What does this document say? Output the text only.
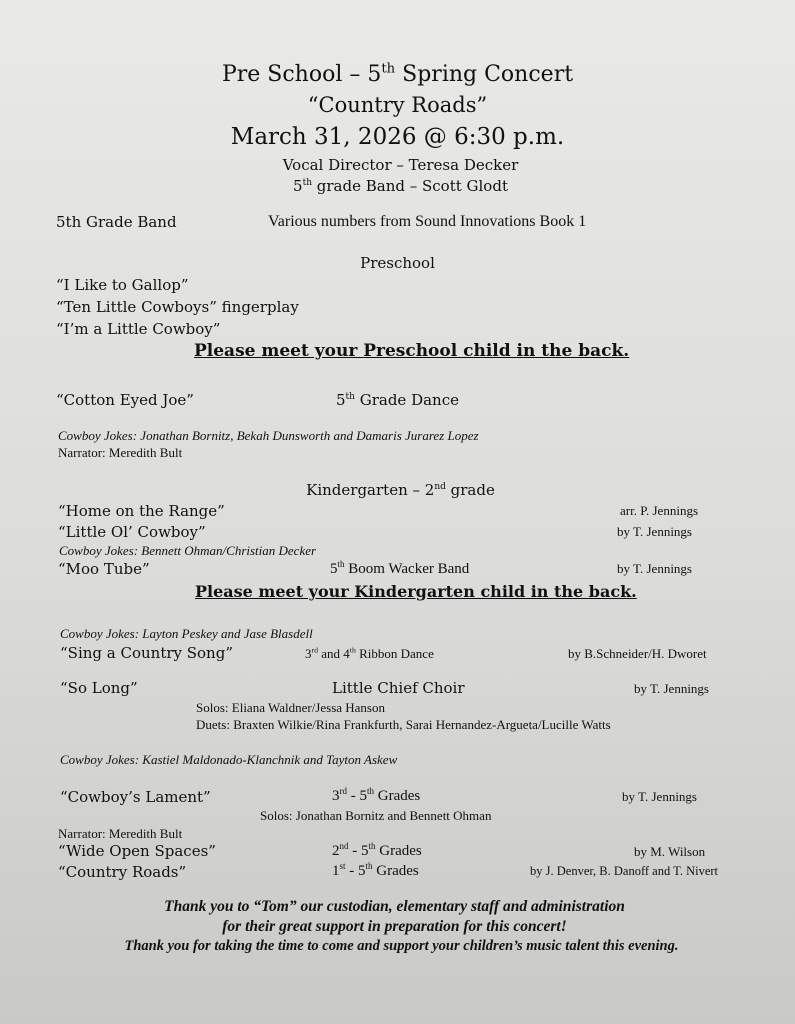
Pre School – 5th Spring Concert
“Country Roads”
March 31, 2026 @ 6:30 p.m.
Vocal Director – Teresa Decker
5th grade Band – Scott Glodt
5th Grade Band	Various numbers from Sound Innovations Book 1
Preschool
“I Like to Gallop”
“Ten Little Cowboys” fingerplay
“I’m a Little Cowboy”
Please meet your Preschool child in the back.
“Cotton Eyed Joe”	5th Grade Dance
Cowboy Jokes: Jonathan Bornitz, Bekah Dunsworth and Damaris Jurarez Lopez
Narrator: Meredith Bult
Kindergarten – 2nd grade
“Home on the Range”	arr. P. Jennings
“Little Ol’ Cowboy”	by T. Jennings
Cowboy Jokes: Bennett Ohman/Christian Decker
“Moo Tube”	5th Boom Wacker Band	by T. Jennings
Please meet your Kindergarten child in the back.
Cowboy Jokes: Layton Peskey and Jase Blasdell
“Sing a Country Song”	3rd and 4th Ribbon Dance	by B.Schneider/H. Dworet
“So Long”	Little Chief Choir	by T. Jennings
Solos: Eliana Waldner/Jessa Hanson
Duets: Braxten Wilkie/Rina Frankfurth, Sarai Hernandez-Argueta/Lucille Watts
Cowboy Jokes: Kastiel Maldonado-Klanchnik and Tayton Askew
“Cowboy’s Lament”	3rd - 5th Grades	by T. Jennings
Solos: Jonathan Bornitz and Bennett Ohman
Narrator: Meredith Bult
“Wide Open Spaces”	2nd - 5th Grades	by M. Wilson
“Country Roads”	1st - 5th Grades	by J. Denver, B. Danoff and T. Nivert
Thank you to “Tom” our custodian, elementary staff and administration
for their great support in preparation for this concert!
Thank you for taking the time to come and support your children’s music talent this evening.
